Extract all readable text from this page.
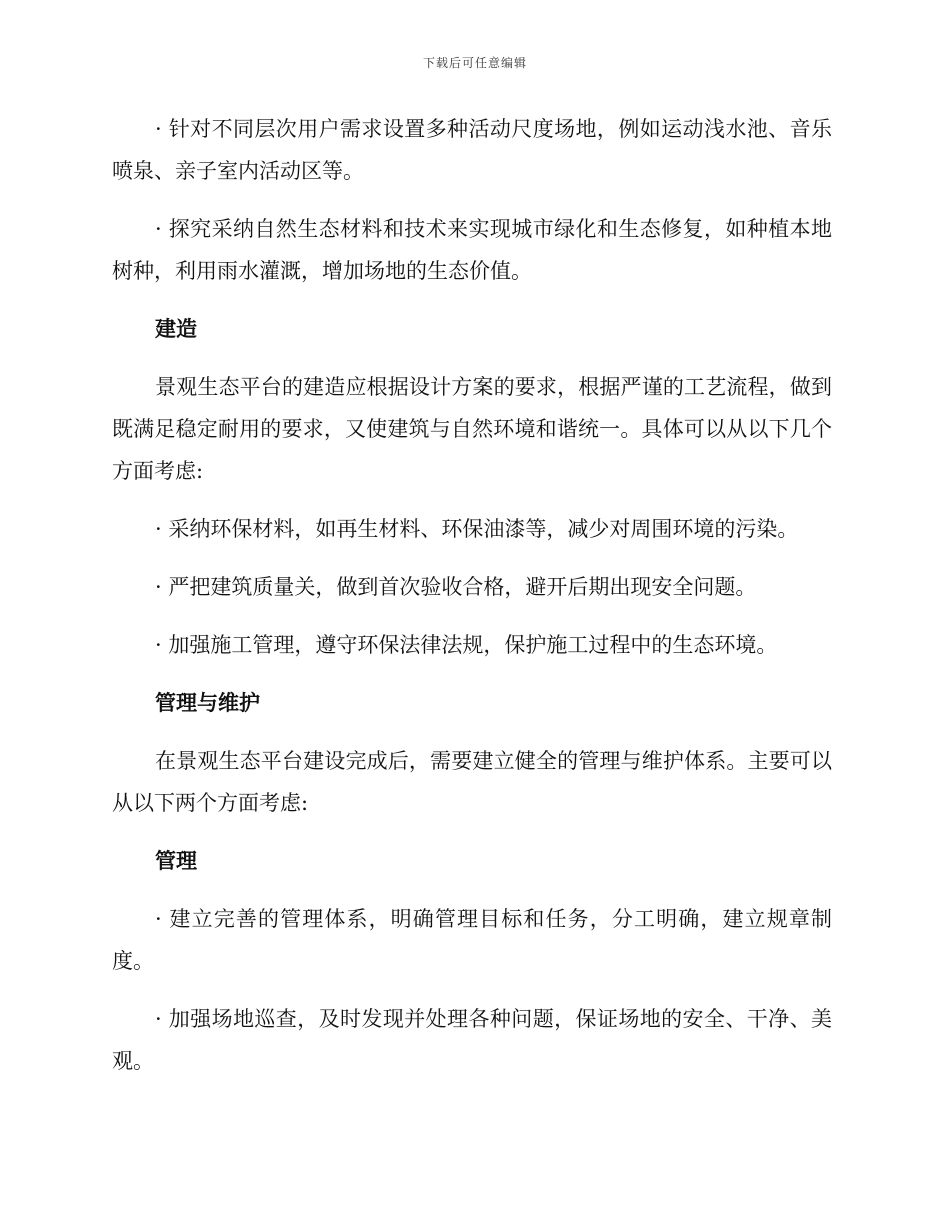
下载后可任意编辑

· 针对不同层次用户需求设置多种活动尺度场地，例如运动浅水池、音乐喷泉、亲子室内活动区等。

· 探究采纳自然生态材料和技术来实现城市绿化和生态修复，如种植本地树种，利用雨水灌溉，增加场地的生态价值。

建造

景观生态平台的建造应根据设计方案的要求，根据严谨的工艺流程，做到既满足稳定耐用的要求，又使建筑与自然环境和谐统一。具体可以从以下几个方面考虑:

· 采纳环保材料，如再生材料、环保油漆等，减少对周围环境的污染。

· 严把建筑质量关，做到首次验收合格，避开后期出现安全问题。

· 加强施工管理，遵守环保法律法规，保护施工过程中的生态环境。

管理与维护

在景观生态平台建设完成后，需要建立健全的管理与维护体系。主要可以从以下两个方面考虑:

管理

· 建立完善的管理体系，明确管理目标和任务，分工明确，建立规章制度。

· 加强场地巡查，及时发现并处理各种问题，保证场地的安全、干净、美观。
